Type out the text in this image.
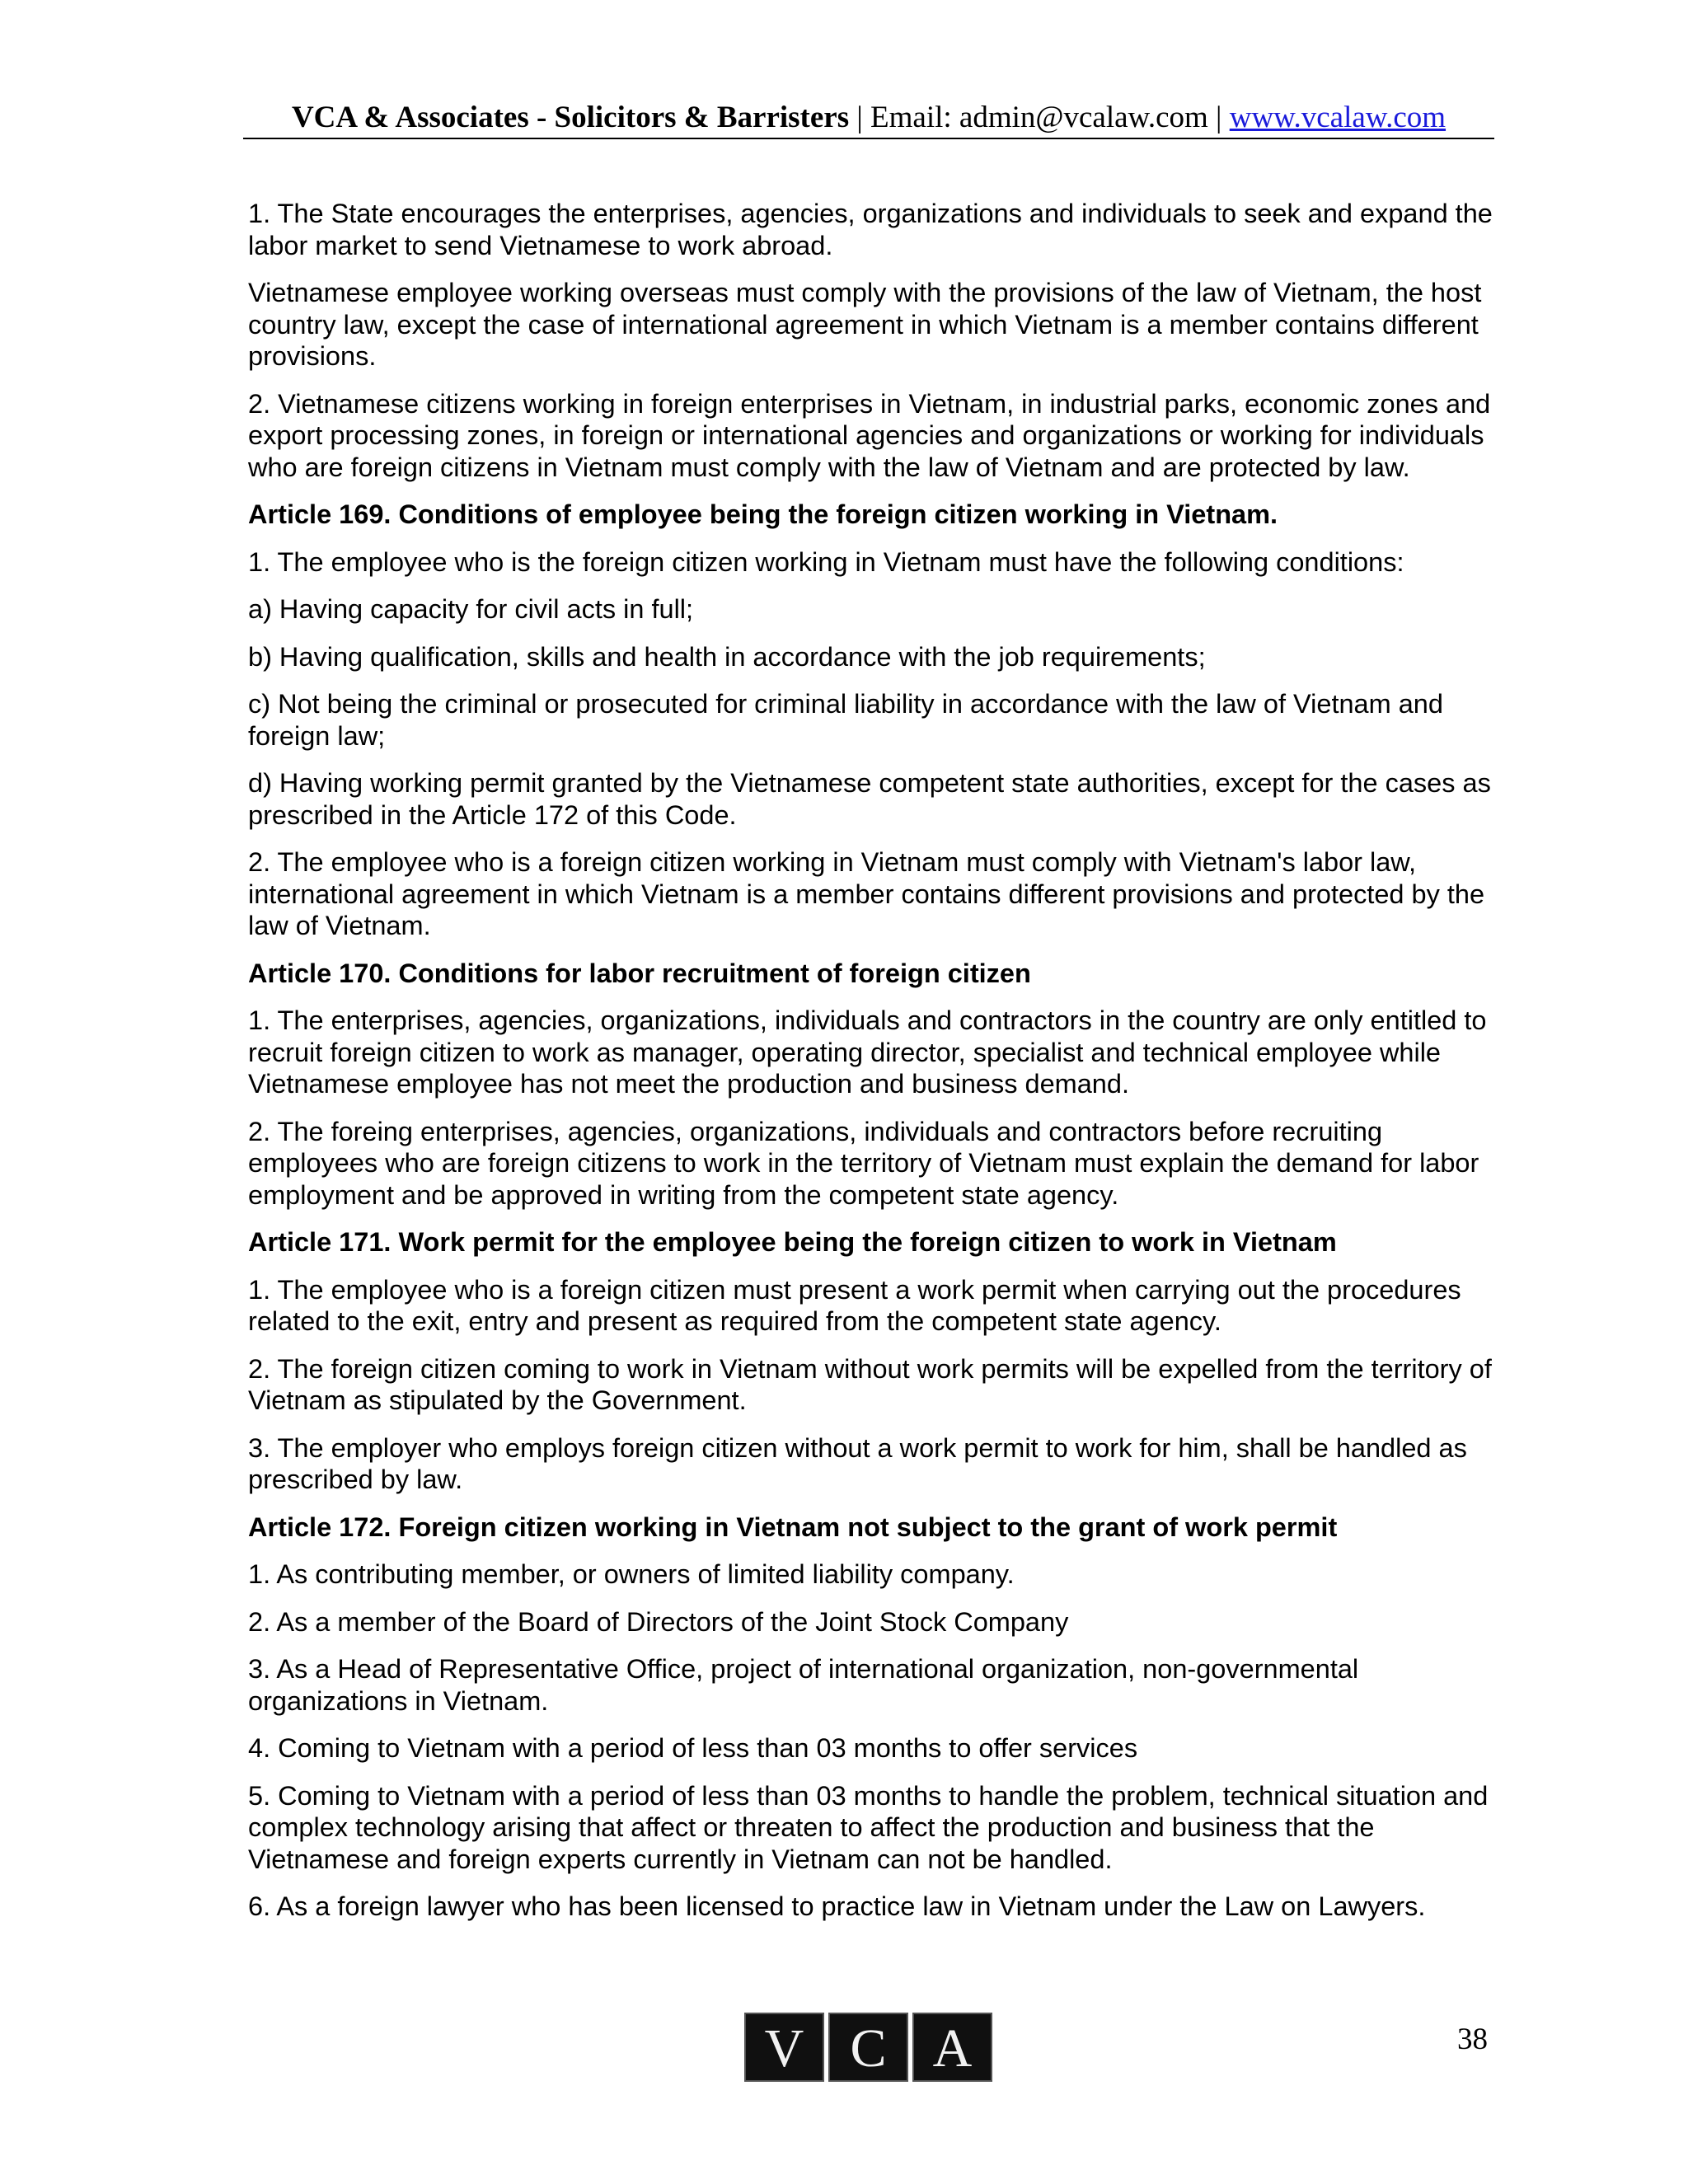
VCA & Associates - Solicitors & Barristers | Email: admin@vcalaw.com | www.vcalaw.com

1. The State encourages the enterprises, agencies, organizations and individuals to seek and expand the labor market to send Vietnamese to work abroad.

Vietnamese employee working overseas must comply with the provisions of the law of Vietnam, the host country law, except the case of international agreement in which Vietnam is a member contains different provisions.

2. Vietnamese citizens working in foreign enterprises in Vietnam, in industrial parks, economic zones and export processing zones, in foreign or international agencies and organizations or working for individuals who are foreign citizens in Vietnam must comply with the law of Vietnam and are protected by law.

Article 169. Conditions of employee being the foreign citizen working in Vietnam.

1. The employee who is the foreign citizen working in Vietnam must have the following conditions:

a) Having capacity for civil acts in full;

b) Having qualification, skills and health in accordance with the job requirements;

c) Not being the criminal or prosecuted for criminal liability in accordance with the law of Vietnam and foreign law;

d) Having working permit granted by the Vietnamese competent state authorities, except for the cases as prescribed in the Article 172 of this Code.

2. The employee who is a foreign citizen working in Vietnam must comply with Vietnam's labor law, international agreement in which Vietnam is a member contains different provisions and protected by the law of Vietnam.

Article 170. Conditions for labor recruitment of foreign citizen

1. The enterprises, agencies, organizations, individuals and contractors in the country are only entitled to recruit foreign citizen to work as manager, operating director, specialist and technical employee while Vietnamese employee has not meet the production and business demand.

2. The foreing enterprises, agencies, organizations, individuals and contractors before recruiting employees who are foreign citizens to work in the territory of Vietnam must explain the demand for labor employment and be approved in writing from the competent state agency.

Article 171. Work permit for the employee being the foreign citizen to work in Vietnam

1. The employee who is a foreign citizen must present a work permit when carrying out the procedures related to the exit, entry and present as required from the competent state agency.

2. The foreign citizen coming to work in Vietnam without work permits will be expelled from the territory of Vietnam as stipulated by the Government.

3. The employer who employs foreign citizen without a work permit to work for him, shall be handled as prescribed by law.

Article 172. Foreign citizen working in Vietnam not subject to the grant of work permit

1. As contributing member, or owners of limited liability company.

2. As a member of the Board of Directors of the Joint Stock Company

3. As a Head of Representative Office, project of international organization, non-governmental organizations in Vietnam.

4. Coming to Vietnam with a period of less than 03 months to offer services

5. Coming to Vietnam with a period of less than 03 months to handle the problem, technical situation and complex technology arising that affect or threaten to affect the production and business that the Vietnamese and foreign experts currently in Vietnam can not be handled.

6. As a foreign lawyer who has been licensed to practice law in Vietnam under the Law on Lawyers.

V C A	38
